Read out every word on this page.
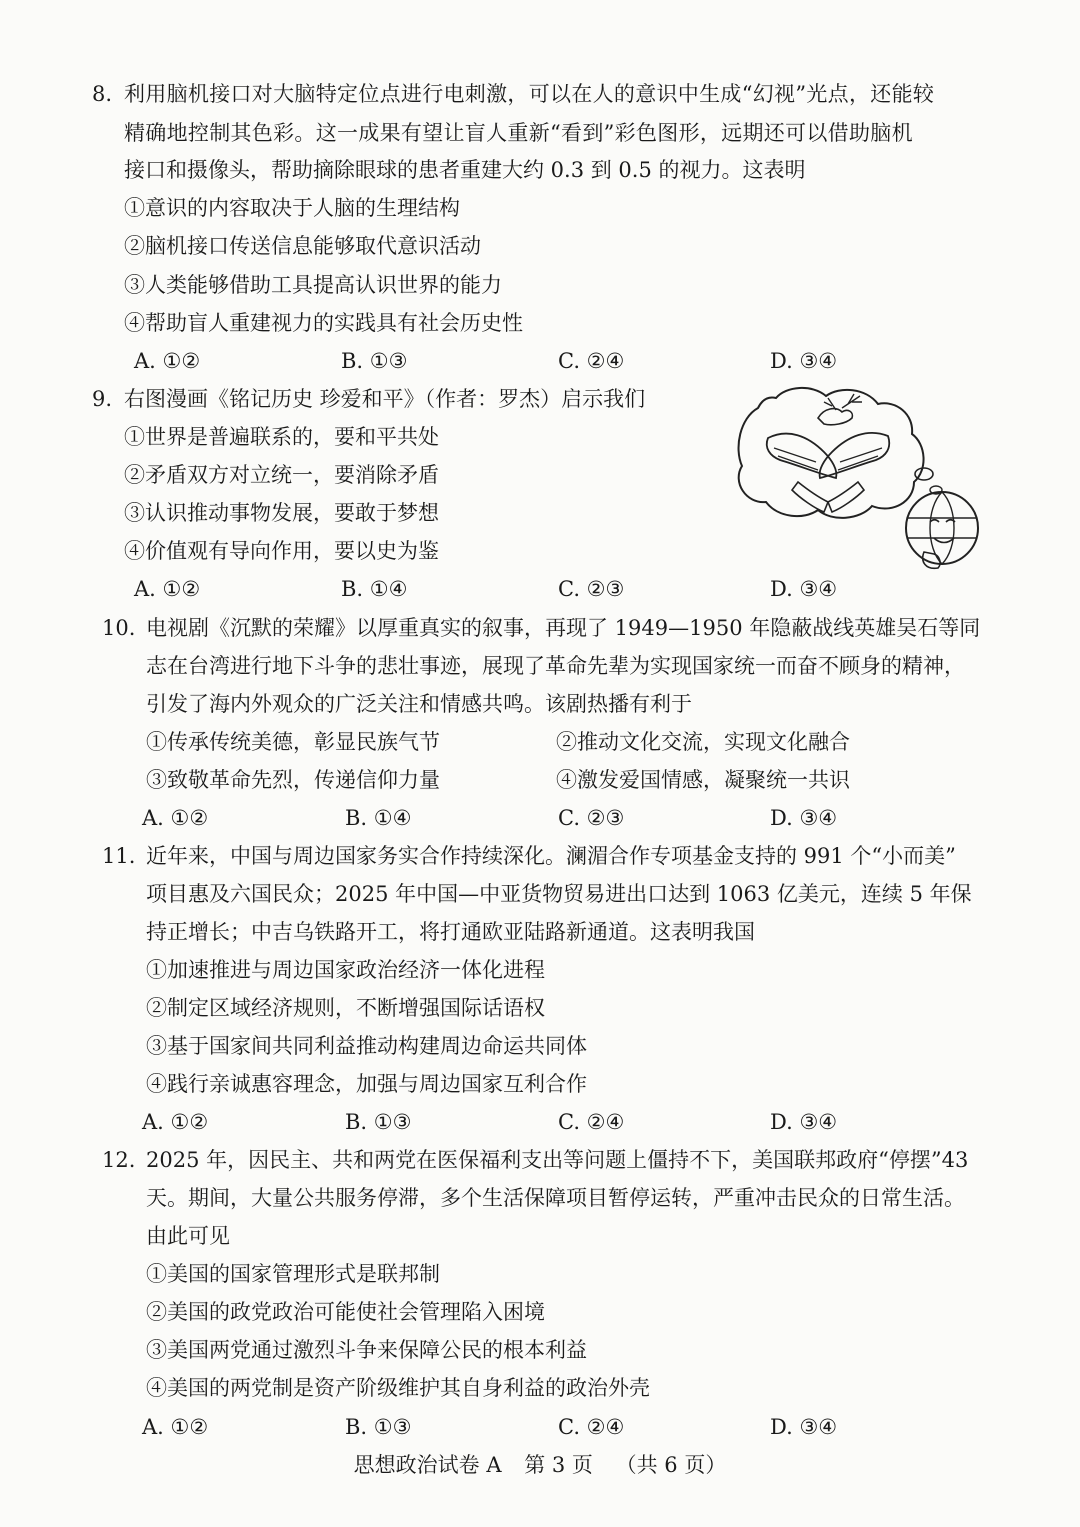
8. 利用脑机接口对大脑特定位点进行电刺激，可以在人的意识中生成“幻视”光点，还能较
精确地控制其色彩。这一成果有望让盲人重新“看到”彩色图形，远期还可以借助脑机
接口和摄像头，帮助摘除眼球的患者重建大约 0.3 到 0.5 的视力。这表明
①意识的内容取决于人脑的生理结构
②脑机接口传送信息能够取代意识活动
③人类能够借助工具提高认识世界的能力
④帮助盲人重建视力的实践具有社会历史性
A. ①②	B. ①③	C. ②④	D. ③④
9. 右图漫画《铭记历史 珍爱和平》（作者：罗杰）启示我们
①世界是普遍联系的，要和平共处
②矛盾双方对立统一，要消除矛盾
③认识推动事物发展，要敢于梦想
④价值观有导向作用，要以史为鉴
A. ①②	B. ①④	C. ②③	D. ③④
10. 电视剧《沉默的荣耀》以厚重真实的叙事，再现了 1949—1950 年隐蔽战线英雄吴石等同
志在台湾进行地下斗争的悲壮事迹，展现了革命先辈为实现国家统一而奋不顾身的精神，
引发了海内外观众的广泛关注和情感共鸣。该剧热播有利于
①传承传统美德，彰显民族气节	②推动文化交流，实现文化融合
③致敬革命先烈，传递信仰力量	④激发爱国情感，凝聚统一共识
A. ①②	B. ①④	C. ②③	D. ③④
11. 近年来，中国与周边国家务实合作持续深化。澜湄合作专项基金支持的 991 个“小而美”
项目惠及六国民众；2025 年中国—中亚货物贸易进出口达到 1063 亿美元，连续 5 年保
持正增长；中吉乌铁路开工，将打通欧亚陆路新通道。这表明我国
①加速推进与周边国家政治经济一体化进程
②制定区域经济规则，不断增强国际话语权
③基于国家间共同利益推动构建周边命运共同体
④践行亲诚惠容理念，加强与周边国家互利合作
A. ①②	B. ①③	C. ②④	D. ③④
12. 2025 年，因民主、共和两党在医保福利支出等问题上僵持不下，美国联邦政府“停摆”43
天。期间，大量公共服务停滞，多个生活保障项目暂停运转，严重冲击民众的日常生活。
由此可见
①美国的国家管理形式是联邦制
②美国的政党政治可能使社会管理陷入困境
③美国两党通过激烈斗争来保障公民的根本利益
④美国的两党制是资产阶级维护其自身利益的政治外壳
A. ①②	B. ①③	C. ②④	D. ③④
思想政治试卷 A 第 3 页 （共 6 页）
